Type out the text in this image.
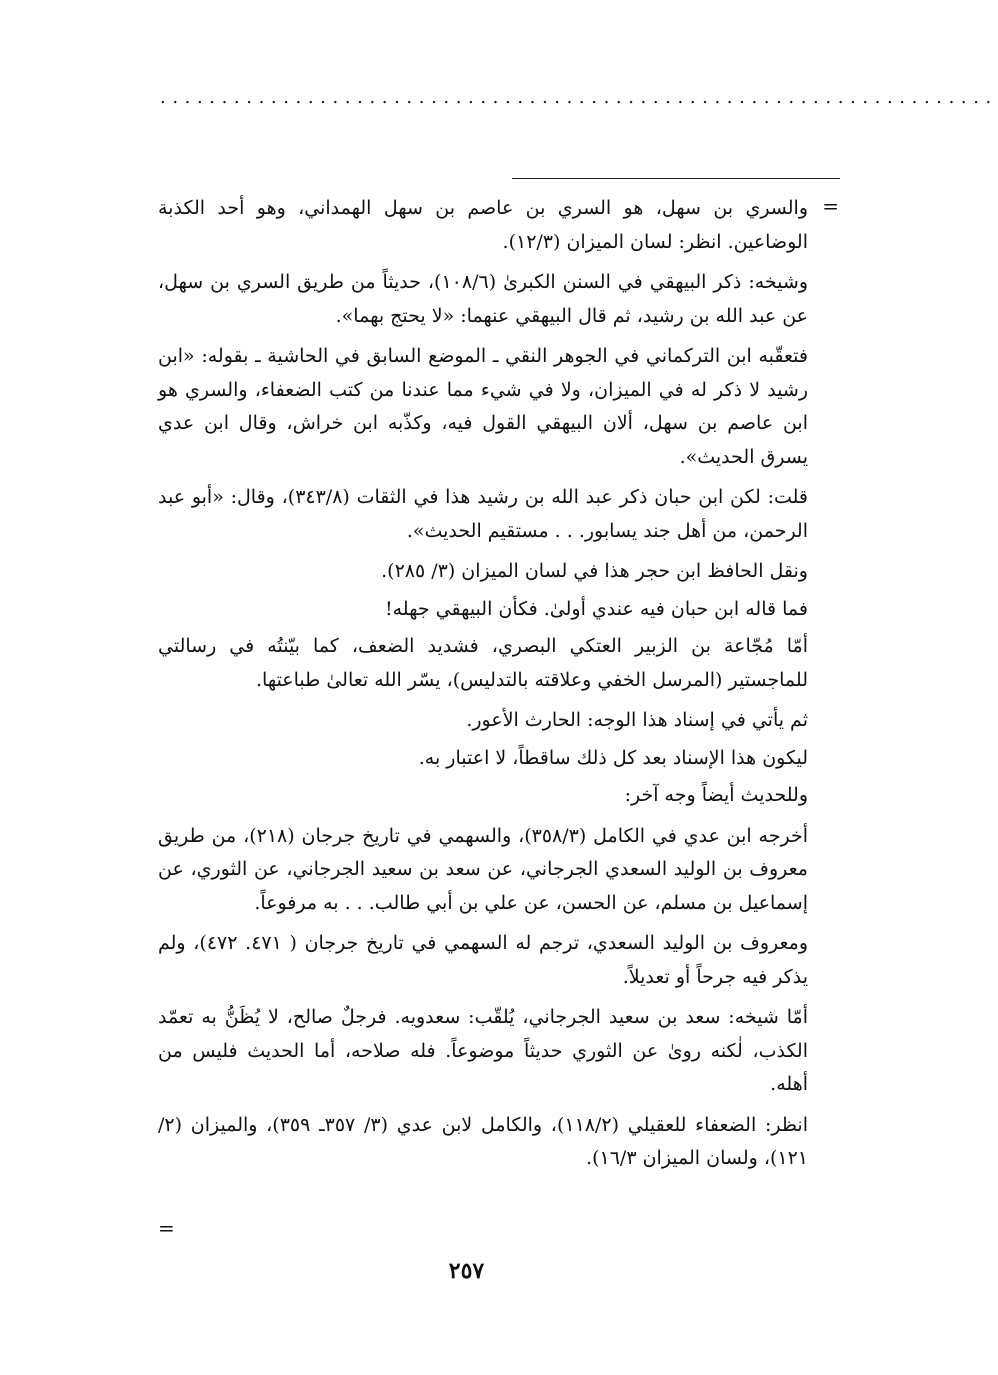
....................................................................
=

والسري بن سهل، هو السري بن عاصم بن سهل الهمداني، وهو أحد الكذبة الوضاعين. انظر: لسان الميزان (١٢/٣).

وشيخه: ذكر البيهقي في السنن الكبرىٰ (١٠٨/٦)، حديثاً من طريق السري بن سهل، عن عبد الله بن رشيد، ثم قال البيهقي عنهما: «لا يحتج بهما».

فتعقّبه ابن التركماني في الجوهر النقي ـ الموضع السابق في الحاشية ـ بقوله: «ابن رشيد لا ذكر له في الميزان، ولا في شيء مما عندنا من كتب الضعفاء، والسري هو ابن عاصم بن سهل، ألان البيهقي القول فيه، وكذّبه ابن خراش، وقال ابن عدي يسرق الحديث».

قلت: لكن ابن حبان ذكر عبد الله بن رشيد هذا في الثقات (٣٤٣/٨)، وقال: «أبو عبد الرحمن، من أهل جند يسابور. . . مستقيم الحديث».

ونقل الحافظ ابن حجر هذا في لسان الميزان (٣/ ٢٨٥).

فما قاله ابن حبان فيه عندي أولىٰ. فكأن البيهقي جهله!

أمّا مُجّاعة بن الزبير العتكي البصري، فشديد الضعف، كما بيّنتُه في رسالتي للماجستير (المرسل الخفي وعلاقته بالتدليس)، يسّر الله تعالىٰ طباعتها.

ثم يأتي في إسناد هذا الوجه: الحارث الأعور.

ليكون هذا الإسناد بعد كل ذلك ساقطاً، لا اعتبار به.

وللحديث أيضاً وجه آخر:

أخرجه ابن عدي في الكامل (٣٥٨/٣)، والسهمي في تاريخ جرجان (٢١٨)، من طريق معروف بن الوليد السعدي الجرجاني، عن سعد بن سعيد الجرجاني، عن الثوري، عن إسماعيل بن مسلم، عن الحسن، عن علي بن أبي طالب. . . به مرفوعاً.

ومعروف بن الوليد السعدي، ترجم له السهمي في تاريخ جرجان ( ٤٧١. ٤٧٢)، ولم يذكر فيه جرحاً أو تعديلاً.

أمّا شيخه: سعد بن سعيد الجرجاني، يُلقّب: سعدويه. فرجلٌ صالح، لا يُظَنُّ به تعمّد الكذب، لٰكنه روىٰ عن الثوري حديثاً موضوعاً. فله صلاحه، أما الحديث فليس من أهله.

انظر: الضعفاء للعقيلي (١١٨/٢)، والكامل لابن عدي (٣/ ٣٥٧ـ ٣٥٩)، والميزان (٢/ ١٢١)، ولسان الميزان ١٦/٣).

=
٢٥٧
